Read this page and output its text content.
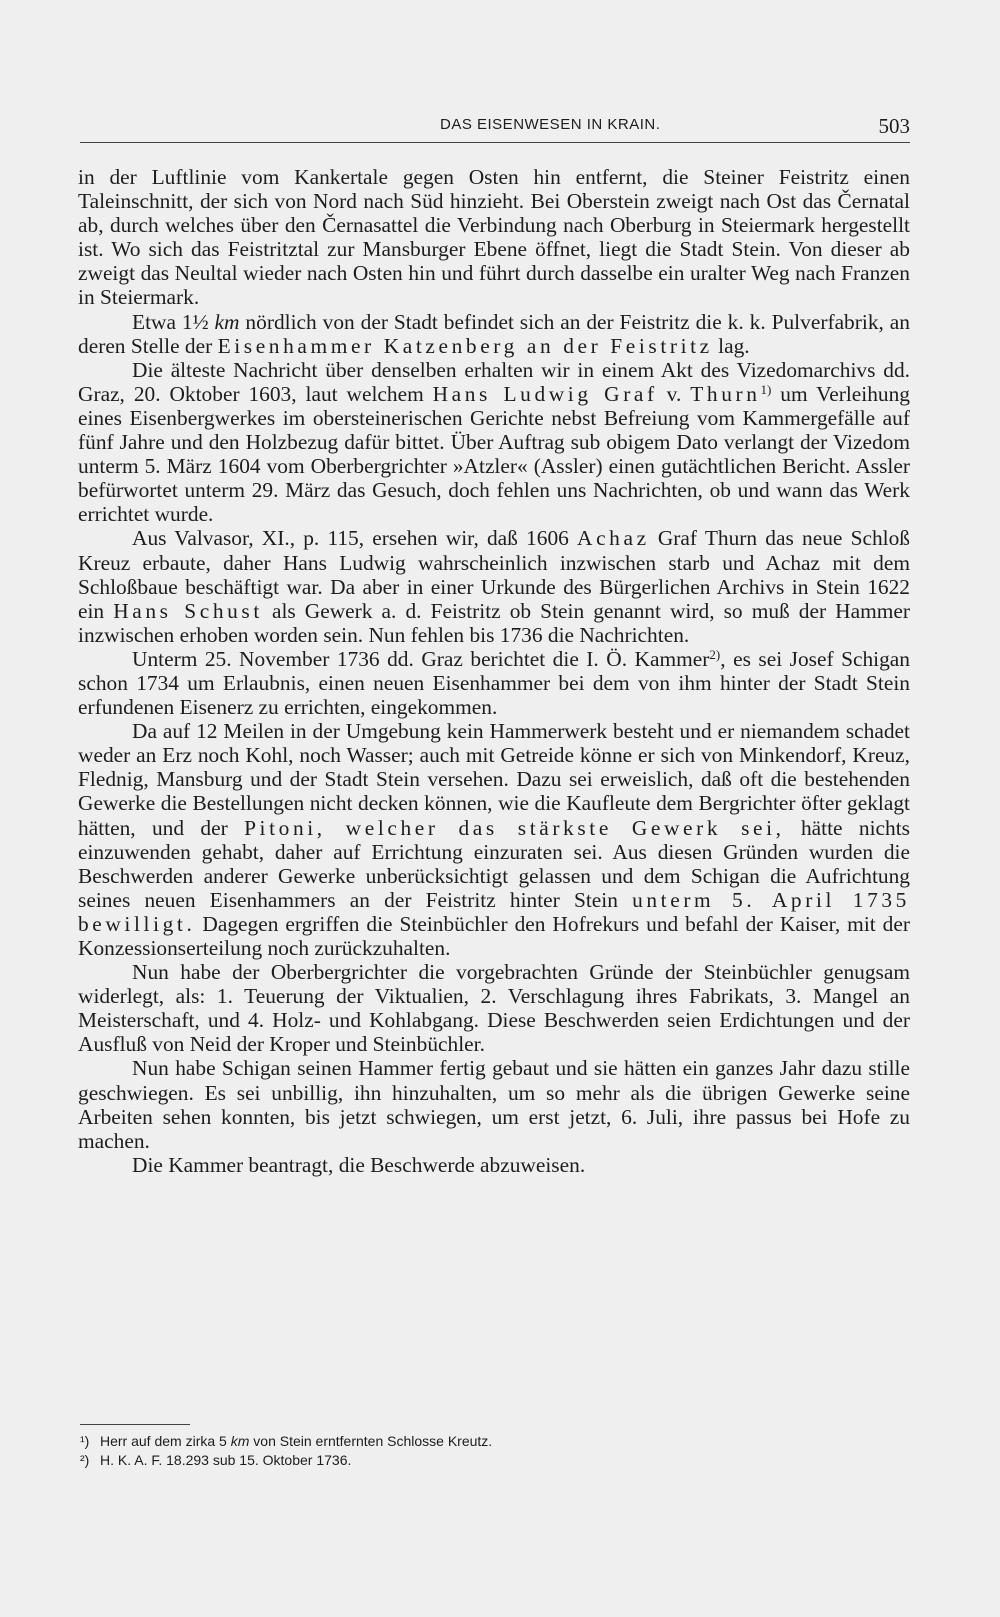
DAS EISENWESEN IN KRAIN.	503

in der Luftlinie vom Kankertale gegen Osten hin entfernt, die Steiner Feistritz einen Taleinschnitt, der sich von Nord nach Süd hinzieht. Bei Oberstein zweigt nach Ost das Černatal ab, durch welches über den Černasattel die Verbindung nach Oberburg in Steiermark hergestellt ist. Wo sich das Feistritztal zur Mansburger Ebene öffnet, liegt die Stadt Stein. Von dieser ab zweigt das Neultal wieder nach Osten hin und führt durch dasselbe ein uralter Weg nach Franzen in Steiermark.

Etwa 1½ km nördlich von der Stadt befindet sich an der Feistritz die k. k. Pulverfabrik, an deren Stelle der Eisenhammer Katzenberg an der Feistritz lag.

Die älteste Nachricht über denselben erhalten wir in einem Akt des Vizedomarchivs dd. Graz, 20. Oktober 1603, laut welchem Hans Ludwig Graf v. Thurn$^{1)}$ um Verleihung eines Eisenbergwerkes im obersteinerischen Gerichte nebst Befreiung vom Kammergefälle auf fünf Jahre und den Holzbezug dafür bittet. Über Auftrag sub obigem Dato verlangt der Vizedom unterm 5. März 1604 vom Oberbergrichter »Atzler« (Assler) einen gutächtlichen Bericht. Assler befürwortet unterm 29. März das Gesuch, doch fehlen uns Nachrichten, ob und wann das Werk errichtet wurde.

Aus Valvasor, XI., p. 115, ersehen wir, daß 1606 Achaz Graf Thurn das neue Schloß Kreuz erbaute, daher Hans Ludwig wahrscheinlich inzwischen starb und Achaz mit dem Schloßbaue beschäftigt war. Da aber in einer Urkunde des Bürgerlichen Archivs in Stein 1622 ein Hans Schust als Gewerk a. d. Feistritz ob Stein genannt wird, so muß der Hammer inzwischen erhoben worden sein. Nun fehlen bis 1736 die Nachrichten.

Unterm 25. November 1736 dd. Graz berichtet die I. Ö. Kammer$^{2)}$, es sei Josef Schigan schon 1734 um Erlaubnis, einen neuen Eisenhammer bei dem von ihm hinter der Stadt Stein erfundenen Eisenerz zu errichten, eingekommen.

Da auf 12 Meilen in der Umgebung kein Hammerwerk besteht und er niemandem schadet weder an Erz noch Kohl, noch Wasser; auch mit Getreide könne er sich von Minkendorf, Kreuz, Flednig, Mansburg und der Stadt Stein versehen. Dazu sei erweislich, daß oft die bestehenden Gewerke die Bestellungen nicht decken können, wie die Kaufleute dem Bergrichter öfter geklagt hätten, und der Pitoni, welcher das stärkste Gewerk sei, hätte nichts einzuwenden gehabt, daher auf Errichtung einzuraten sei. Aus diesen Gründen wurden die Beschwerden anderer Gewerke unberücksichtigt gelassen und dem Schigan die Aufrichtung seines neuen Eisenhammers an der Feistritz hinter Stein unterm 5. April 1735 bewilligt. Dagegen ergriffen die Steinbüchler den Hofrekurs und befahl der Kaiser, mit der Konzessionserteilung noch zurückzuhalten.

Nun habe der Oberbergrichter die vorgebrachten Gründe der Steinbüchler genugsam widerlegt, als: 1. Teuerung der Viktualien, 2. Verschlagung ihres Fabrikats, 3. Mangel an Meisterschaft, und 4. Holz- und Kohlabgang. Diese Beschwerden seien Erdichtungen und der Ausfluß von Neid der Kroper und Steinbüchler.

Nun habe Schigan seinen Hammer fertig gebaut und sie hätten ein ganzes Jahr dazu stille geschwiegen. Es sei unbillig, ihn hinzuhalten, um so mehr als die übrigen Gewerke seine Arbeiten sehen konnten, bis jetzt schwiegen, um erst jetzt, 6. Juli, ihre passus bei Hofe zu machen.

Die Kammer beantragt, die Beschwerde abzuweisen.

¹) Herr auf dem zirka 5 km von Stein erntfernten Schlosse Kreutz.
²) H. K. A. F. 18.293 sub 15. Oktober 1736.
